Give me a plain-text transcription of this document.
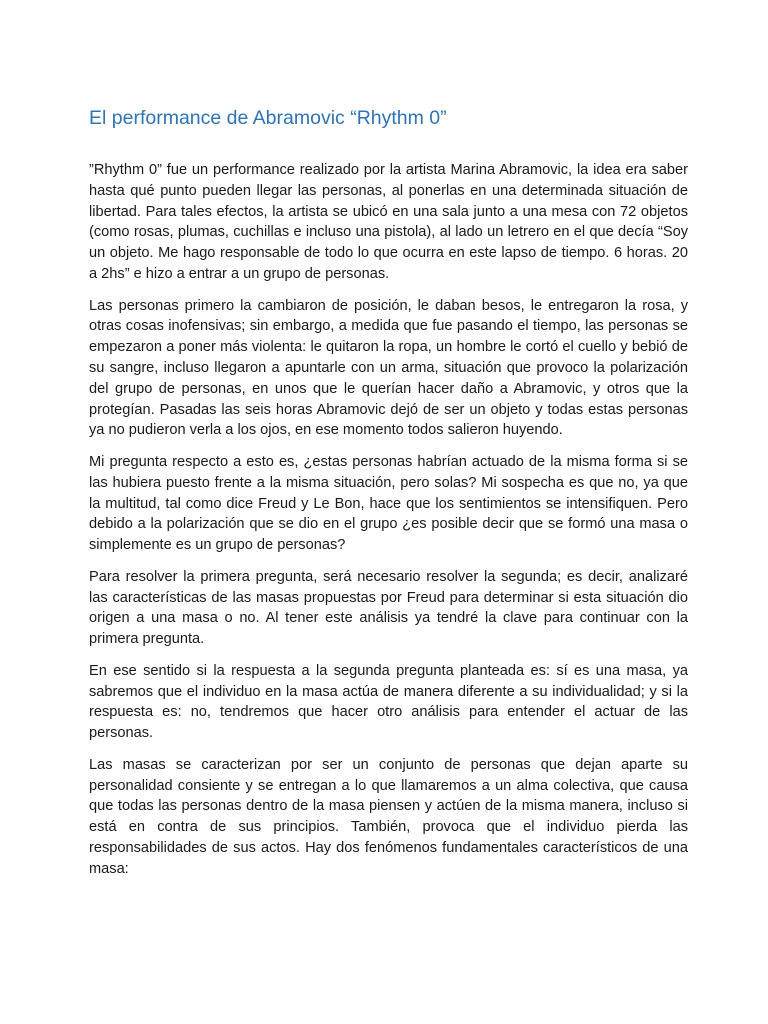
El performance de Abramovic “Rhythm 0”

”Rhythm 0” fue un performance realizado por la artista Marina Abramovic, la idea era saber hasta qué punto pueden llegar las personas, al ponerlas en una determinada situación de libertad. Para tales efectos, la artista se ubicó en una sala junto a una mesa con 72 objetos (como rosas, plumas, cuchillas e incluso una pistola), al lado un letrero en el que decía “Soy un objeto. Me hago responsable de todo lo que ocurra en este lapso de tiempo. 6 horas. 20 a 2hs” e hizo a entrar a un grupo de personas.

Las personas primero la cambiaron de posición, le daban besos, le entregaron la rosa, y otras cosas inofensivas; sin embargo, a medida que fue pasando el tiempo, las personas se empezaron a poner más violenta: le quitaron la ropa, un hombre le cortó el cuello y bebió de su sangre, incluso llegaron a apuntarle con un arma, situación que provoco la polarización del grupo de personas, en unos que le querían hacer daño a Abramovic, y otros que la protegían. Pasadas las seis horas Abramovic dejó de ser un objeto y todas estas personas ya no pudieron verla a los ojos, en ese momento todos salieron huyendo.

Mi pregunta respecto a esto es, ¿estas personas habrían actuado de la misma forma si se las hubiera puesto frente a la misma situación, pero solas? Mi sospecha es que no, ya que la multitud, tal como dice Freud y Le Bon, hace que los sentimientos se intensifiquen. Pero debido a la polarización que se dio en el grupo ¿es posible decir que se formó una masa o simplemente es un grupo de personas?

Para resolver la primera pregunta, será necesario resolver la segunda; es decir, analizaré las características de las masas propuestas por Freud para determinar si esta situación dio origen a una masa o no. Al tener este análisis ya tendré la clave para continuar con la primera pregunta.

En ese sentido si la respuesta a la segunda pregunta planteada es: sí es una masa, ya sabremos que el individuo en la masa actúa de manera diferente a su individualidad; y si la respuesta es: no, tendremos que hacer otro análisis para entender el actuar de las personas.

Las masas se caracterizan por ser un conjunto de personas que dejan aparte su personalidad consiente y se entregan a lo que llamaremos a un alma colectiva, que causa que todas las personas dentro de la masa piensen y actúen de la misma manera, incluso si está en contra de sus principios. También, provoca que el individuo pierda las responsabilidades de sus actos. Hay dos fenómenos fundamentales característicos de una masa:
